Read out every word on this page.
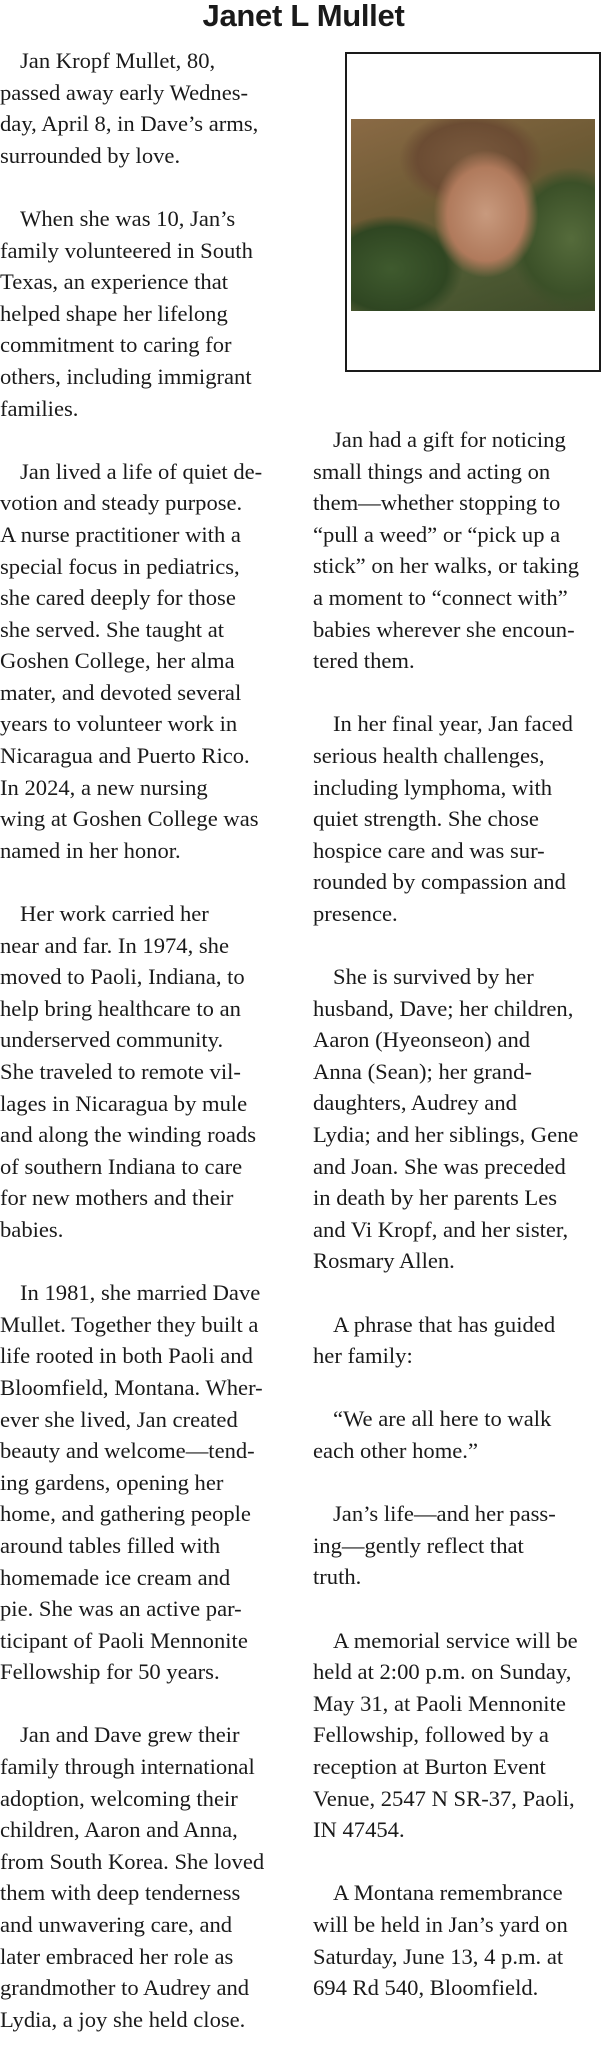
Janet L Mullet

Jan Kropf Mullet, 80,
passed away early Wednes-
day, April 8, in Dave’s arms,
surrounded by love.

When she was 10, Jan’s
family volunteered in South
Texas, an experience that
helped shape her lifelong
commitment to caring for
others, including immigrant
families.

Jan lived a life of quiet de-
votion and steady purpose.
A nurse practitioner with a
special focus in pediatrics,
she cared deeply for those
she served. She taught at
Goshen College, her alma
mater, and devoted several
years to volunteer work in
Nicaragua and Puerto Rico.
In 2024, a new nursing
wing at Goshen College was
named in her honor.

Her work carried her
near and far. In 1974, she
moved to Paoli, Indiana, to
help bring healthcare to an
underserved community.
She traveled to remote vil-
lages in Nicaragua by mule
and along the winding roads
of southern Indiana to care
for new mothers and their
babies.

In 1981, she married Dave
Mullet. Together they built a
life rooted in both Paoli and
Bloomfield, Montana. Wher-
ever she lived, Jan created
beauty and welcome—tend-
ing gardens, opening her
home, and gathering people
around tables filled with
homemade ice cream and
pie. She was an active par-
ticipant of Paoli Mennonite
Fellowship for 50 years.

Jan and Dave grew their
family through international
adoption, welcoming their
children, Aaron and Anna,
from South Korea. She loved
them with deep tenderness
and unwavering care, and
later embraced her role as
grandmother to Audrey and
Lydia, a joy she held close.

Jan had a gift for noticing
small things and acting on
them—whether stopping to
“pull a weed” or “pick up a
stick” on her walks, or taking
a moment to “connect with”
babies wherever she encoun-
tered them.

In her final year, Jan faced
serious health challenges,
including lymphoma, with
quiet strength. She chose
hospice care and was sur-
rounded by compassion and
presence.

She is survived by her
husband, Dave; her children,
Aaron (Hyeonseon) and
Anna (Sean); her grand-
daughters, Audrey and
Lydia; and her siblings, Gene
and Joan. She was preceded
in death by her parents Les
and Vi Kropf, and her sister,
Rosmary Allen.

A phrase that has guided
her family:

“We are all here to walk
each other home.”

Jan’s life—and her pass-
ing—gently reflect that
truth.

A memorial service will be
held at 2:00 p.m. on Sunday,
May 31, at Paoli Mennonite
Fellowship, followed by a
reception at Burton Event
Venue, 2547 N SR-37, Paoli,
IN 47454.

A Montana remembrance
will be held in Jan’s yard on
Saturday, June 13, 4 p.m. at
694 Rd 540, Bloomfield.
